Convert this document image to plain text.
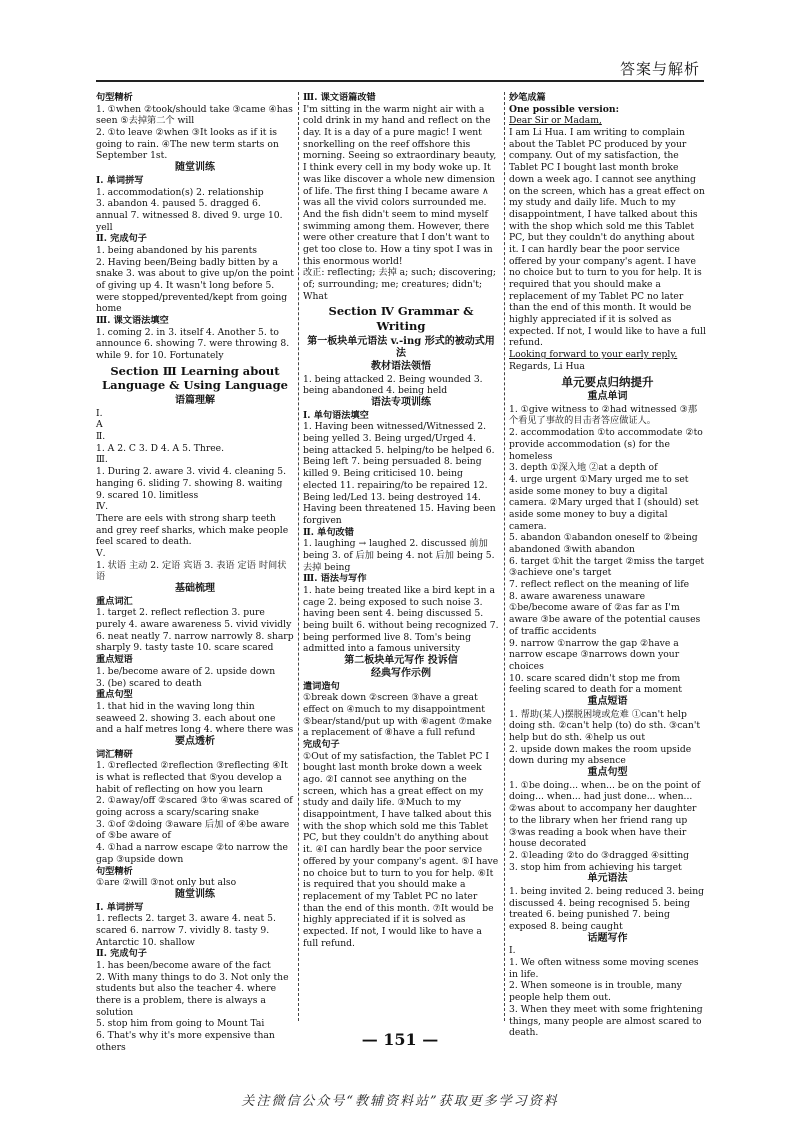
答案与解析
句型精析
1. ①when ②took/should take ③came ④has seen ⑤去掉第二个 will
2. ①to leave ②when ③It looks as if it is going to rain. ④The new term starts on September 1st.
随堂训练
Ⅰ. 单词拼写
1. accommodation(s) 2. relationship
3. abandon 4. paused 5. dragged 6. annual 7. witnessed 8. dived 9. urge 10. yell
Ⅱ. 完成句子
1. being abandoned by his parents
2. Having been/Being badly bitten by a snake 3. was about to give up/on the point of giving up 4. It wasn't long before 5. were stopped/prevented/kept from going home
Ⅲ. 课文语法填空
1. coming 2. in 3. itself 4. Another 5. to announce 6. showing 7. were throwing 8. while 9. for 10. Fortunately
Section Ⅲ Learning about Language & Using Language
语篇理解
Ⅰ.
A
Ⅱ.
1. A 2. C 3. D 4. A 5. Three.
Ⅲ.
1. During 2. aware 3. vivid 4. cleaning 5. hanging 6. sliding 7. showing 8. waiting 9. scared 10. limitless
Ⅳ.
There are eels with strong sharp teeth and grey reef sharks, which make people feel scared to death.
Ⅴ.
1. 状语 主动 2. 定语 宾语 3. 表语 定语 时间状语
基础梳理
重点词汇
1. target 2. reflect reflection 3. pure purely 4. aware awareness 5. vivid vividly 6. neat neatly 7. narrow narrowly 8. sharp sharply 9. tasty taste 10. scare scared
重点短语
1. be/become aware of 2. upside down
3. (be) scared to death
重点句型
1. that hid in the waving long thin seaweed 2. showing 3. each about one and a half metres long 4. where there was
要点透析
词汇精研
1. ①reflected ②reflection ③reflecting ④It is what is reflected that ⑤you develop a habit of reflecting on how you learn
2. ①away/off ②scared ③to ④was scared of going across a scary/scaring snake
3. ①of ②doing ③aware 后加 of ④be aware of ⑤be aware of
4. ①had a narrow escape ②to narrow the gap ③upside down
句型精析
①are ②will ③not only but also
随堂训练
Ⅰ. 单词拼写
1. reflects 2. target 3. aware 4. neat 5. scared 6. narrow 7. vividly 8. tasty 9. Antarctic 10. shallow
Ⅱ. 完成句子
1. has been/become aware of the fact
2. With many things to do 3. Not only the students but also the teacher 4. where there is a problem, there is always a solution
5. stop him from going to Mount Tai
6. That's why it's more expensive than others
Ⅲ. 课文语篇改错
I'm sitting in the warm night air with a cold drink in my hand and reflect on the day. It is a day of a pure magic! I went snorkelling on the reef offshore this morning. Seeing so extraordinary beauty, I think every cell in my body woke up. It was like discover a whole new dimension of life. The first thing I became aware ∧ was all the vivid colors surrounded me. And the fish didn't seem to mind myself swimming among them. However, there were other creature that I don't want to get too close to. How a tiny spot I was in this enormous world!
改正: reflecting; 去掉 a; such; discovering; of; surrounding; me; creatures; didn't; What
Section Ⅳ Grammar & Writing
第一板块单元语法 v.-ing 形式的被动式用法
教材语法领悟
1. being attacked 2. Being wounded 3. being abandoned 4. being held
语法专项训练
Ⅰ. 单句语法填空
1. Having been witnessed/Witnessed 2. being yelled 3. Being urged/Urged 4. being attacked 5. helping/to be helped 6. Being left 7. being persuaded 8. being killed 9. Being criticised 10. being elected 11. repairing/to be repaired 12. Being led/Led 13. being destroyed 14. Having been threatened 15. Having been forgiven
Ⅱ. 单句改错
1. laughing → laughed 2. discussed 前加 being 3. of 后加 being 4. not 后加 being 5. 去掉 being
Ⅲ. 语法与写作
1. hate being treated like a bird kept in a cage 2. being exposed to such noise 3. having been sent 4. being discussed 5. being built 6. without being recognized 7. being performed live 8. Tom's being admitted into a famous university
第二板块单元写作 投诉信
经典写作示例
遣词造句
①break down ②screen ③have a great effect on ④much to my disappointment ⑤bear/stand/put up with ⑥agent ⑦make a replacement of ⑧have a full refund
完成句子
①Out of my satisfaction, the Tablet PC I bought last month broke down a week ago. ②I cannot see anything on the screen, which has a great effect on my study and daily life. ③Much to my disappointment, I have talked about this with the shop which sold me this Tablet PC, but they couldn't do anything about it. ④I can hardly bear the poor service offered by your company's agent. ⑤I have no choice but to turn to you for help. ⑥It is required that you should make a replacement of my Tablet PC no later than the end of this month. ⑦It would be highly appreciated if it is solved as expected. If not, I would like to have a full refund.
妙笔成篇
One possible version:
Dear Sir or Madam,
I am Li Hua. I am writing to complain about the Tablet PC produced by your company. Out of my satisfaction, the Tablet PC I bought last month broke down a week ago. I cannot see anything on the screen, which has a great effect on my study and daily life. Much to my disappointment, I have talked about this with the shop which sold me this Tablet PC, but they couldn't do anything about it. I can hardly bear the poor service offered by your company's agent. I have no choice but to turn to you for help. It is required that you should make a replacement of my Tablet PC no later than the end of this month. It would be highly appreciated if it is solved as expected. If not, I would like to have a full refund.
Looking forward to your early reply.
Regards, Li Hua
单元要点归纳提升
重点单词
1. ①give witness to ②had witnessed ③那个看见了事故的目击者答应做证人。
2. accommodation ①to accommodate ②to provide accommodation (s) for the homeless
3. depth ①深入地 ②at a depth of
4. urge urgent ①Mary urged me to set aside some money to buy a digital camera. ②Mary urged that I (should) set aside some money to buy a digital camera.
5. abandon ①abandon oneself to ②being abandoned ③with abandon
6. target ①hit the target ②miss the target ③achieve one's target
7. reflect reflect on the meaning of life
8. aware awareness unaware ①be/become aware of ②as far as I'm aware ③be aware of the potential causes of traffic accidents
9. narrow ①narrow the gap ②have a narrow escape ③narrows down your choices
10. scare scared didn't stop me from feeling scared to death for a moment
重点短语
1. 帮助(某人)摆脱困境或危难 ①can't help doing sth. ②can't help (to) do sth. ③can't help but do sth. ④help us out
2. upside down makes the room upside down during my absence
重点句型
1. ①be doing... when... be on the point of doing... when... had just done... when... ②was about to accompany her daughter to the library when her friend rang up ③was reading a book when have their house decorated
2. ①leading ②to do ③dragged ④sitting
3. stop him from achieving his target
单元语法
1. being invited 2. being reduced 3. being discussed 4. being recognised 5. being treated 6. being punished 7. being exposed 8. being caught
话题写作
Ⅰ.
1. We often witness some moving scenes in life.
2. When someone is in trouble, many people help them out.
3. When they meet with some frightening things, many people are almost scared to death.
— 151 —
关注微信公众号“教辅资料站”获取更多学习资料
